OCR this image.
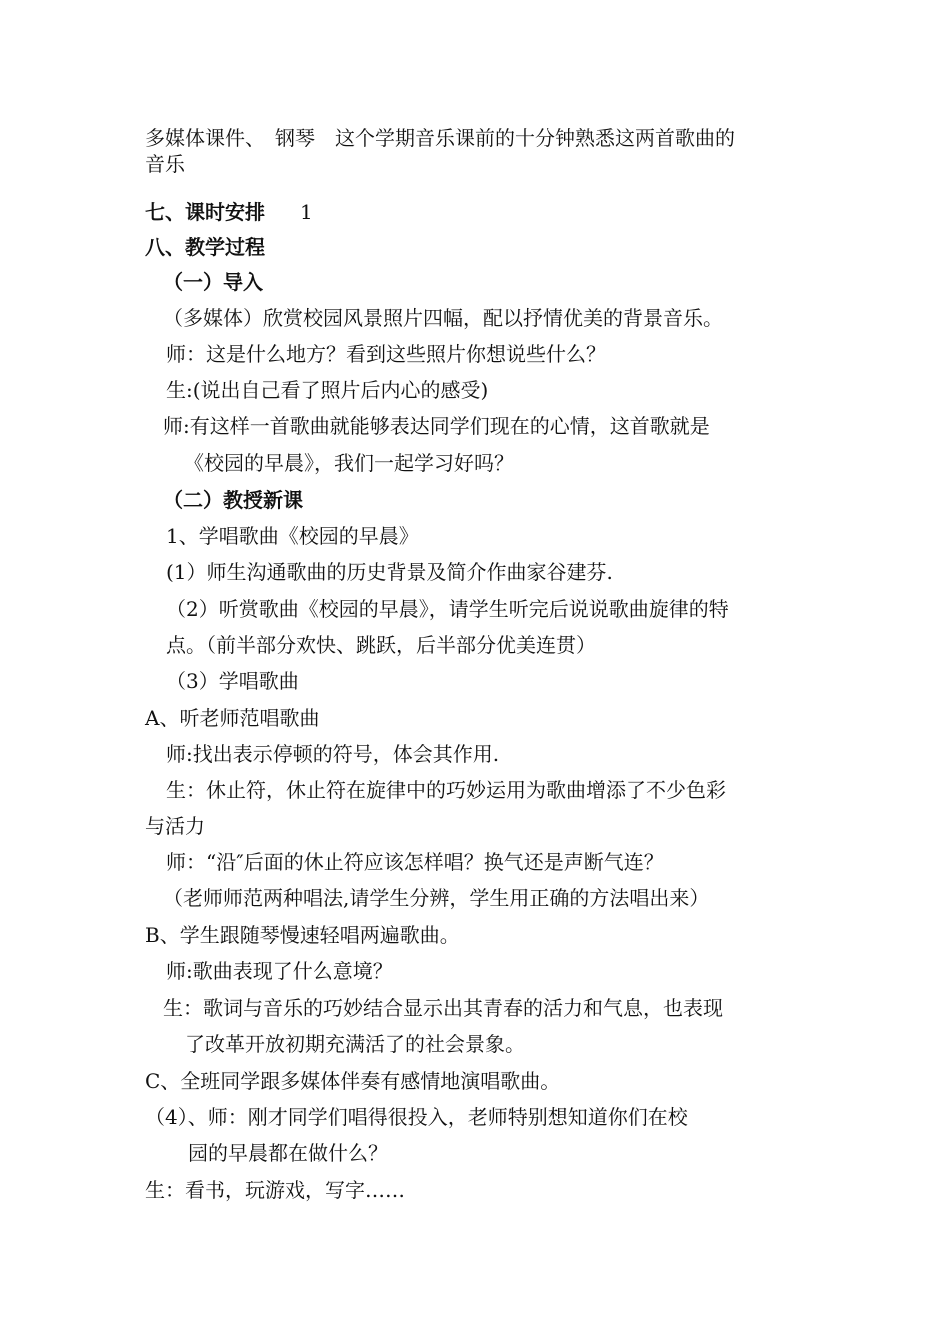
多媒体课件、　钢琴　这个学期音乐课前的十分钟熟悉这两首歌曲的
音乐
七、课时安排 1
八、教学过程
（一）导入
（多媒体）欣赏校园风景照片四幅，配以抒情优美的背景音乐。
师：这是什么地方？看到这些照片你想说些什么？
生:(说出自己看了照片后内心的感受)
师:有这样一首歌曲就能够表达同学们现在的心情，这首歌就是
《校园的早晨》，我们一起学习好吗？
（二）教授新课
1、学唱歌曲《校园的早晨》
(1）师生沟通歌曲的历史背景及简介作曲家谷建芬.
（2）听赏歌曲《校园的早晨》，请学生听完后说说歌曲旋律的特
点。（前半部分欢快、跳跃，后半部分优美连贯）
（3）学唱歌曲
A、听老师范唱歌曲
师:找出表示停顿的符号，体会其作用.
生：休止符，休止符在旋律中的巧妙运用为歌曲增添了不少色彩
与活力
师：“沿″后面的休止符应该怎样唱？换气还是声断气连？
（老师师范两种唱法,请学生分辨，学生用正确的方法唱出来）
B、学生跟随琴慢速轻唱两遍歌曲。
师:歌曲表现了什么意境？
生：歌词与音乐的巧妙结合显示出其青春的活力和气息，也表现
了改革开放初期充满活了的社会景象。
C、全班同学跟多媒体伴奏有感情地演唱歌曲。
（4）、师：刚才同学们唱得很投入，老师特别想知道你们在校
园的早晨都在做什么？
生：看书，玩游戏，写字……
